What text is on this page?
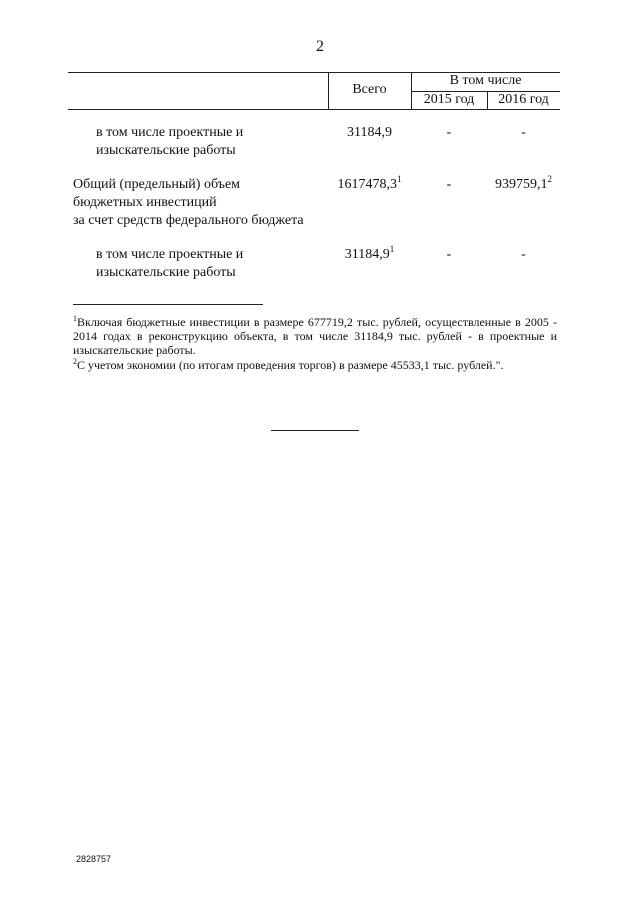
2
Всего
В том числе
2015 год	2016 год
в том числе проектные и
изыскательские работы
31184,9	-	-
Общий (предельный) объем
бюджетных инвестиций
за счет средств федерального бюджета
1617478,3$^1$	-	939759,1$^2$
в том числе проектные и
изыскательские работы
31184,9$^1$	-	-
$^1$Включая бюджетные инвестиции в размере 677719,2 тыс. рублей, осуществленные в 2005 - 2014 годах в реконструкцию объекта, в том числе 31184,9 тыс. рублей - в проектные и изыскательские работы.
$^2$С учетом экономии (по итогам проведения торгов) в размере 45533,1 тыс. рублей.".
2828757
